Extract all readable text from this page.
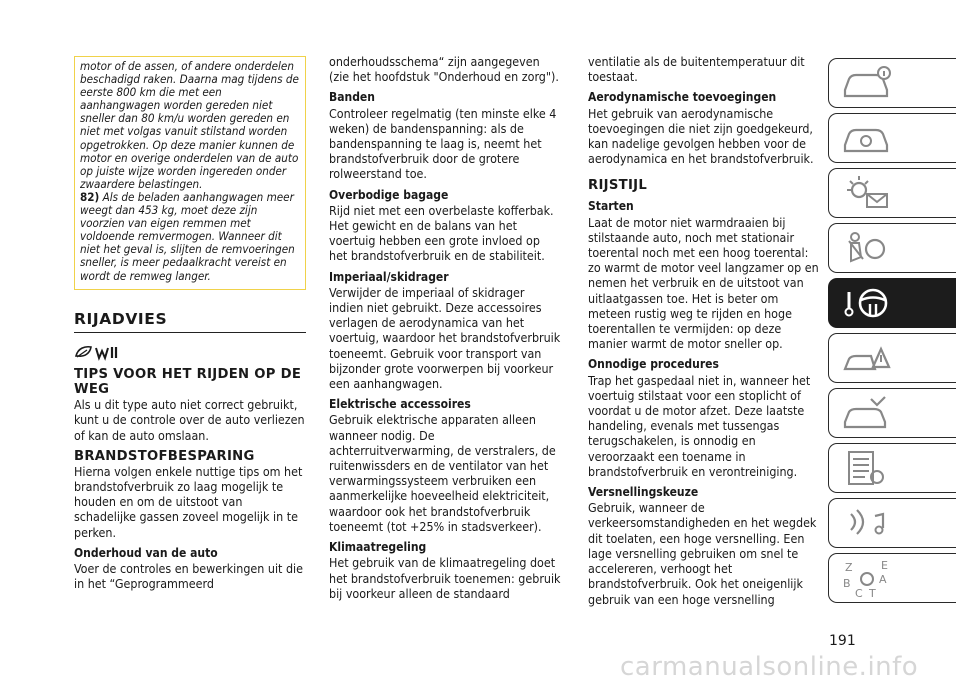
motor of de assen, of andere onderdelen beschadigd raken. Daarna mag tijdens de eerste 800 km die met een aanhangwagen worden gereden niet sneller dan 80 km/u worden gereden en niet met volgas vanuit stilstand worden opgetrokken. Op deze manier kunnen de motor en overige onderdelen van de auto op juiste wijze worden ingereden onder zwaardere belastingen.

82) Als de beladen aanhangwagen meer weegt dan 453 kg, moet deze zijn voorzien van eigen remmen met voldoende remvermogen. Wanneer dit niet het geval is, slijten de remvoeringen sneller, is meer pedaalkracht vereist en wordt de remweg langer.

RIJADVIES
TIPS VOOR HET RIJDEN OP DE WEG

Als u dit type auto niet correct gebruikt, kunt u de controle over de auto verliezen of kan de auto omslaan.

BRANDSTOFBESPARING

Hierna volgen enkele nuttige tips om het brandstofverbruik zo laag mogelijk te houden en om de uitstoot van schadelijke gassen zoveel mogelijk in te perken.

Onderhoud van de auto

Voer de controles en bewerkingen uit die in het “Geprogrammeerd

onderhoudsschema“ zijn aangegeven (zie het hoofdstuk "Onderhoud en zorg").

Banden

Controleer regelmatig (ten minste elke 4 weken) de bandenspanning: als de bandenspanning te laag is, neemt het brandstofverbruik door de grotere rolweerstand toe.

Overbodige bagage

Rijd niet met een overbelaste kofferbak. Het gewicht en de balans van het voertuig hebben een grote invloed op het brandstofverbruik en de stabiliteit.

Imperiaal/skidrager

Verwijder de imperiaal of skidrager indien niet gebruikt. Deze accessoires verlagen de aerodynamica van het voertuig, waardoor het brandstofverbruik toeneemt. Gebruik voor transport van bijzonder grote voorwerpen bij voorkeur een aanhangwagen.

Elektrische accessoires

Gebruik elektrische apparaten alleen wanneer nodig. De achterruitverwarming, de verstralers, de ruitenwissders en de ventilator van het verwarmingssysteem verbruiken een aanmerkelijke hoeveelheid elektriciteit, waardoor ook het brandstofverbruik toeneemt (tot +25% in stadsverkeer).

Klimaatregeling

Het gebruik van de klimaatregeling doet het brandstofverbruik toenemen: gebruik bij voorkeur alleen de standaard

ventilatie als de buitentemperatuur dit toestaat.

Aerodynamische toevoegingen

Het gebruik van aerodynamische toevoegingen die niet zijn goedgekeurd, kan nadelige gevolgen hebben voor de aerodynamica en het brandstofverbruik.

RIJSTIJL
Starten

Laat de motor niet warmdraaien bij stilstaande auto, noch met stationair toerental noch met een hoog toerental: zo warmt de motor veel langzamer op en nemen het verbruik en de uitstoot van uitlaatgassen toe. Het is beter om meteen rustig weg te rijden en hoge toerentallen te vermijden: op deze manier warmt de motor sneller op.

Onnodige procedures

Trap het gaspedaal niet in, wanneer het voertuig stilstaat voor een stoplicht of voordat u de motor afzet. Deze laatste handeling, evenals met tussengas terugschakelen, is onnodig en veroorzaakt een toename in brandstofverbruik en verontreiniging.

Versnellingskeuze

Gebruik, wanneer de verkeersomstandigheden en het wegdek dit toelaten, een hoge versnelling. Een lage versnelling gebruiken om snel te accelereren, verhoogt het brandstofverbruik. Ook het oneigenlijk gebruik van een hoge versnelling

Z	E
B	A
C T
191
carmanualsonline.info
